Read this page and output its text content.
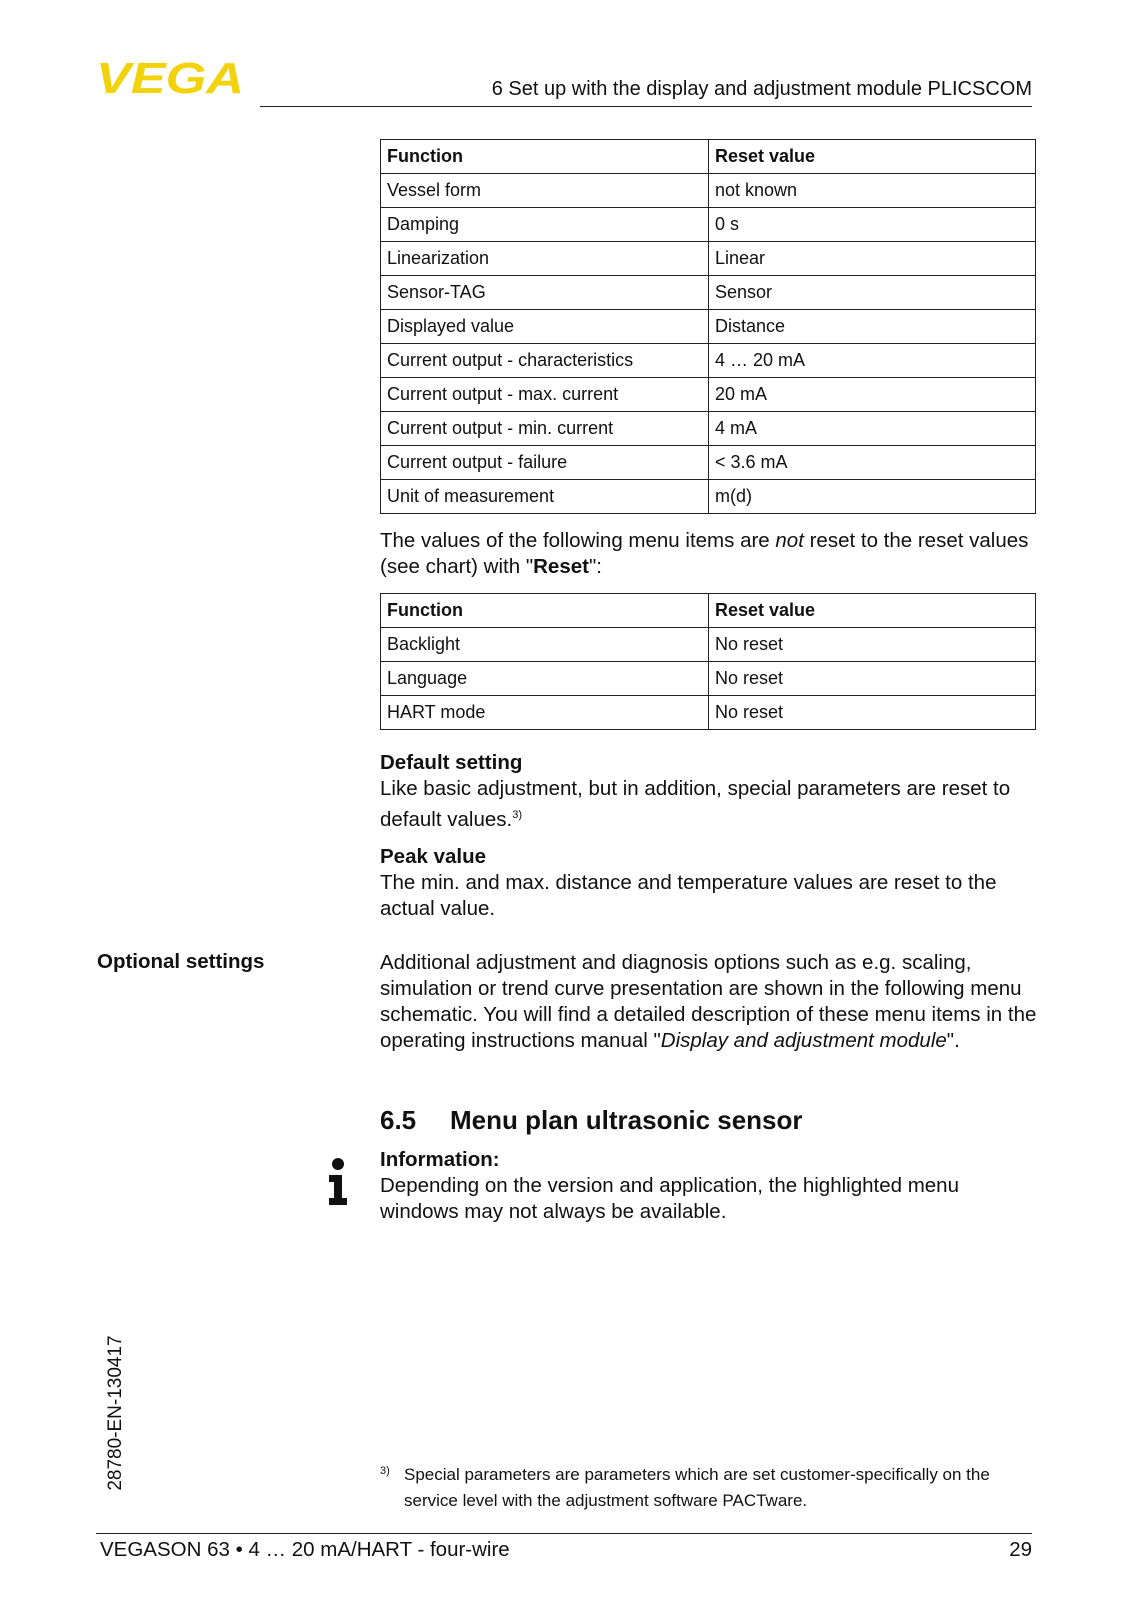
VEGA	6 Set up with the display and adjustment module PLICSCOM
28780-EN-130417
Function	Reset value
Vessel form	not known
Damping	0 s
Linearization	Linear
Sensor-TAG	Sensor
Displayed value	Distance
Current output - characteristics	4 … 20 mA
Current output - max. current	20 mA
Current output - min. current	4 mA
Current output - failure	< 3.6 mA
Unit of measurement	m(d)
The values of the following menu items are not reset to the reset values (see chart) with "Reset":
Function	Reset value
Backlight	No reset
Language	No reset
HART mode	No reset
Default setting
Like basic adjustment, but in addition, special parameters are reset to default values.$^{3)}$
Peak value
The min. and max. distance and temperature values are reset to the actual value.
Optional settings	Additional adjustment and diagnosis options such as e.g. scaling, simulation or trend curve presentation are shown in the following menu schematic. You will find a detailed description of these menu items in the operating instructions manual "Display and adjustment module".
6.5 Menu plan ultrasonic sensor
Information:
Depending on the version and application, the highlighted menu windows may not always be available.
3) Special parameters are parameters which are set customer-specifically on the service level with the adjustment software PACTware.
VEGASON 63 • 4 … 20 mA/HART - four-wire	29
